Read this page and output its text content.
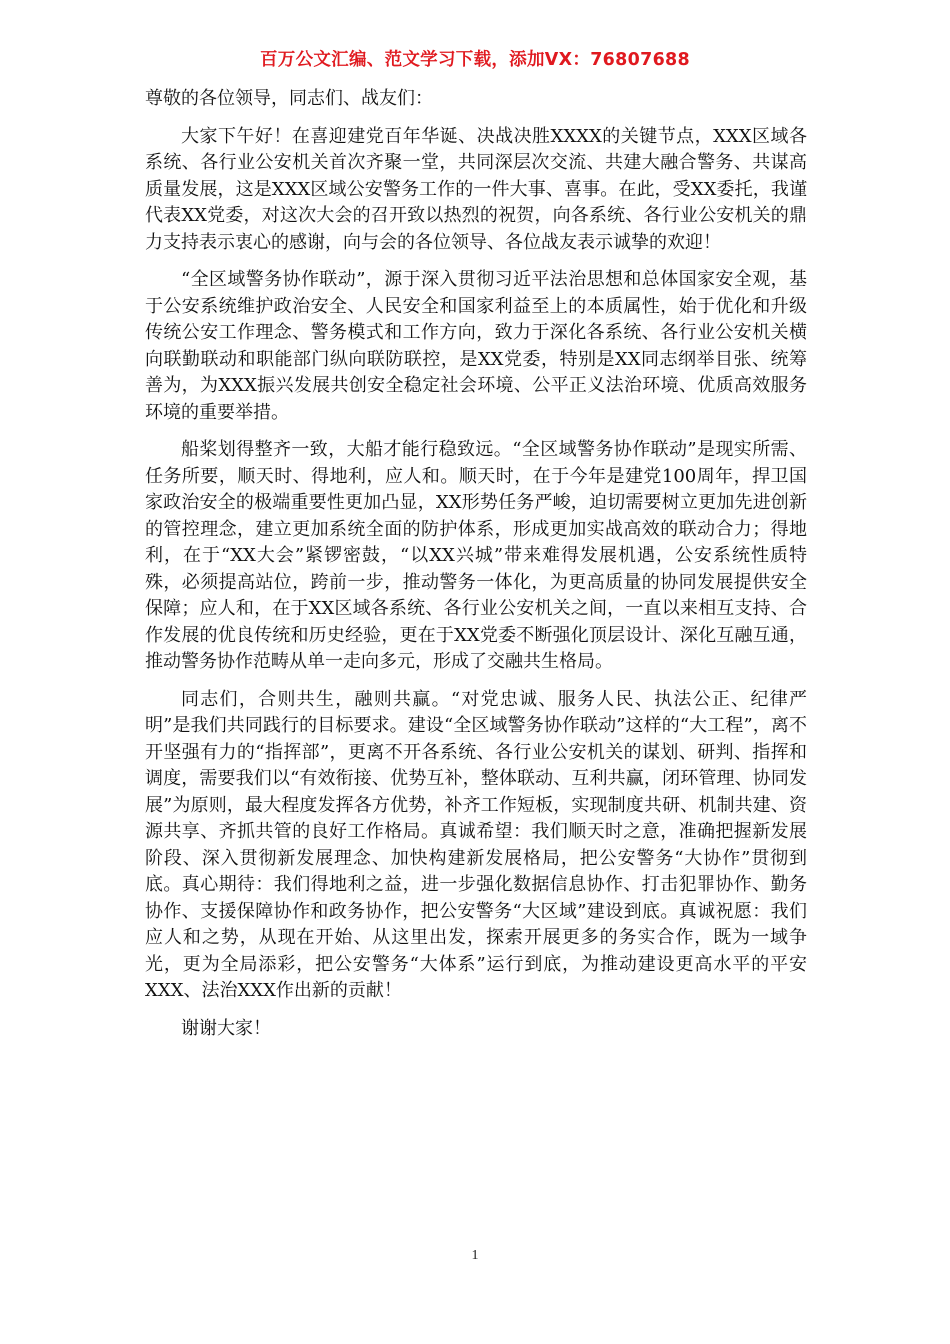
百万公文汇编、范文学习下载，添加VX：76807688

尊敬的各位领导，同志们、战友们：

大家下午好！在喜迎建党百年华诞、决战决胜XXXX的关键节点，XXX区域各系统、各行业公安机关首次齐聚一堂，共同深层次交流、共建大融合警务、共谋高质量发展，这是XXX区域公安警务工作的一件大事、喜事。在此，受XX委托，我谨代表XX党委，对这次大会的召开致以热烈的祝贺，向各系统、各行业公安机关的鼎力支持表示衷心的感谢，向与会的各位领导、各位战友表示诚挚的欢迎！

“全区域警务协作联动”，源于深入贯彻习近平法治思想和总体国家安全观，基于公安系统维护政治安全、人民安全和国家利益至上的本质属性，始于优化和升级传统公安工作理念、警务模式和工作方向，致力于深化各系统、各行业公安机关横向联勤联动和职能部门纵向联防联控，是XX党委，特别是XX同志纲举目张、统筹善为，为XXX振兴发展共创安全稳定社会环境、公平正义法治环境、优质高效服务环境的重要举措。

船桨划得整齐一致，大船才能行稳致远。“全区域警务协作联动”是现实所需、任务所要，顺天时、得地利，应人和。顺天时，在于今年是建党100周年，捍卫国家政治安全的极端重要性更加凸显，XX形势任务严峻，迫切需要树立更加先进创新的管控理念，建立更加系统全面的防护体系，形成更加实战高效的联动合力；得地利，在于“XX大会”紧锣密鼓，“以XX兴城”带来难得发展机遇，公安系统性质特殊，必须提高站位，跨前一步，推动警务一体化，为更高质量的协同发展提供安全保障；应人和，在于XX区域各系统、各行业公安机关之间，一直以来相互支持、合作发展的优良传统和历史经验，更在于XX党委不断强化顶层设计、深化互融互通，推动警务协作范畴从单一走向多元，形成了交融共生格局。

同志们，合则共生，融则共赢。“对党忠诚、服务人民、执法公正、纪律严明”是我们共同践行的目标要求。建设“全区域警务协作联动”这样的“大工程”，离不开坚强有力的“指挥部”，更离不开各系统、各行业公安机关的谋划、研判、指挥和调度，需要我们以“有效衔接、优势互补，整体联动、互利共赢，闭环管理、协同发展”为原则，最大程度发挥各方优势，补齐工作短板，实现制度共研、机制共建、资源共享、齐抓共管的良好工作格局。真诚希望：我们顺天时之意，准确把握新发展阶段、深入贯彻新发展理念、加快构建新发展格局，把公安警务“大协作”贯彻到底。真心期待：我们得地利之益，进一步强化数据信息协作、打击犯罪协作、勤务协作、支援保障协作和政务协作，把公安警务“大区域”建设到底。真诚祝愿：我们应人和之势，从现在开始、从这里出发，探索开展更多的务实合作，既为一域争光，更为全局添彩，把公安警务“大体系”运行到底，为推动建设更高水平的平安XXX、法治XXX作出新的贡献！

谢谢大家！

1
